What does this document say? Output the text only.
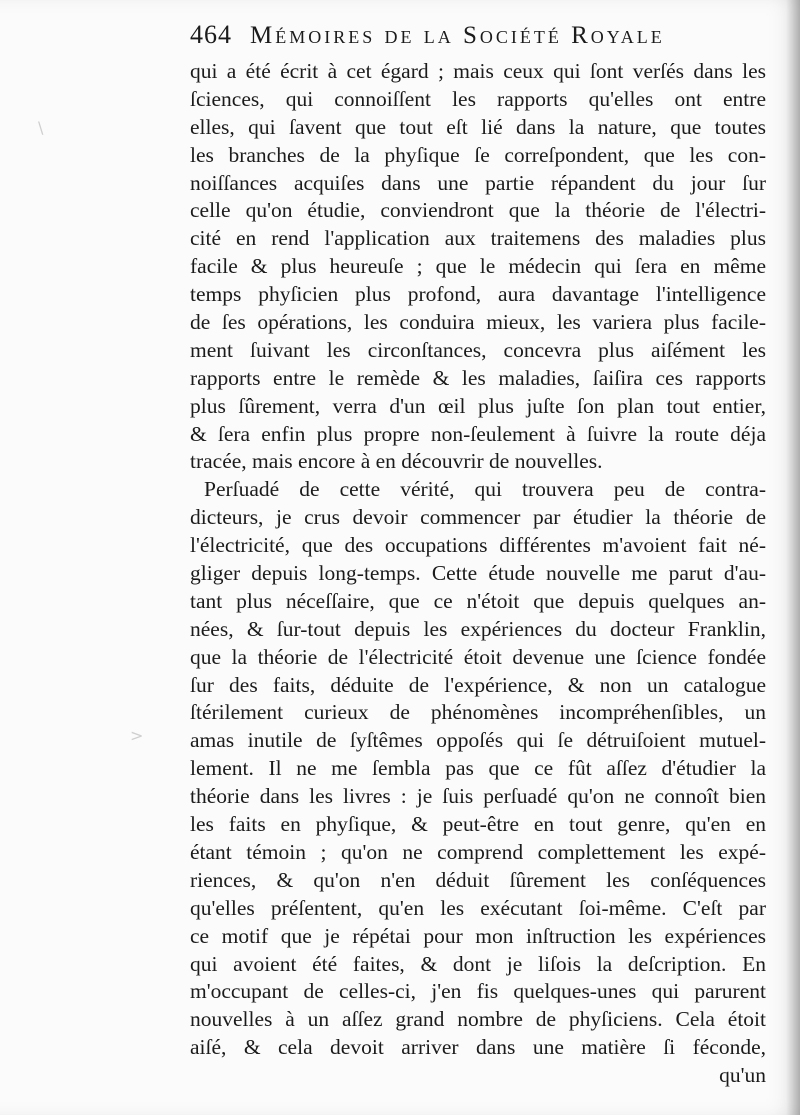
464 Mémoires de la Société Royale
\
>
qui a été écrit à cet égard ; mais ceux qui ſont verſés dans les
ſciences, qui connoiſſent les rapports qu'elles ont entre
elles, qui ſavent que tout eſt lié dans la nature, que toutes
les branches de la phyſique ſe correſpondent, que les con-
noiſſances acquiſes dans une partie répandent du jour ſur
celle qu'on étudie, conviendront que la théorie de l'électri-
cité en rend l'application aux traitemens des maladies plus
facile & plus heureuſe ; que le médecin qui ſera en même
temps phyſicien plus profond, aura davantage l'intelligence
de ſes opérations, les conduira mieux, les variera plus facile-
ment ſuivant les circonſtances, concevra plus aiſément les
rapports entre le remède & les maladies, ſaiſira ces rapports
plus ſûrement, verra d'un œil plus juſte ſon plan tout entier,
& ſera enfin plus propre non-ſeulement à ſuivre la route déja
tracée, mais encore à en découvrir de nouvelles.
Perſuadé de cette vérité, qui trouvera peu de contra-
dicteurs, je crus devoir commencer par étudier la théorie de
l'électricité, que des occupations différentes m'avoient fait né-
gliger depuis long-temps. Cette étude nouvelle me parut d'au-
tant plus néceſſaire, que ce n'étoit que depuis quelques an-
nées, & ſur-tout depuis les expériences du docteur Franklin,
que la théorie de l'électricité étoit devenue une ſcience fondée
ſur des faits, déduite de l'expérience, & non un catalogue
ſtérilement curieux de phénomènes incompréhenſibles, un
amas inutile de ſyſtêmes oppoſés qui ſe détruiſoient mutuel-
lement. Il ne me ſembla pas que ce fût aſſez d'étudier la
théorie dans les livres : je ſuis perſuadé qu'on ne connoît bien
les faits en phyſique, & peut-être en tout genre, qu'en en
étant témoin ; qu'on ne comprend complettement les expé-
riences, & qu'on n'en déduit ſûrement les conſéquences
qu'elles préſentent, qu'en les exécutant ſoi-même. C'eſt par
ce motif que je répétai pour mon inſtruction les expériences
qui avoient été faites, & dont je liſois la deſcription. En
m'occupant de celles-ci, j'en fis quelques-unes qui parurent
nouvelles à un aſſez grand nombre de phyſiciens. Cela étoit
aiſé, & cela devoit arriver dans une matière ſi féconde,
qu'un
